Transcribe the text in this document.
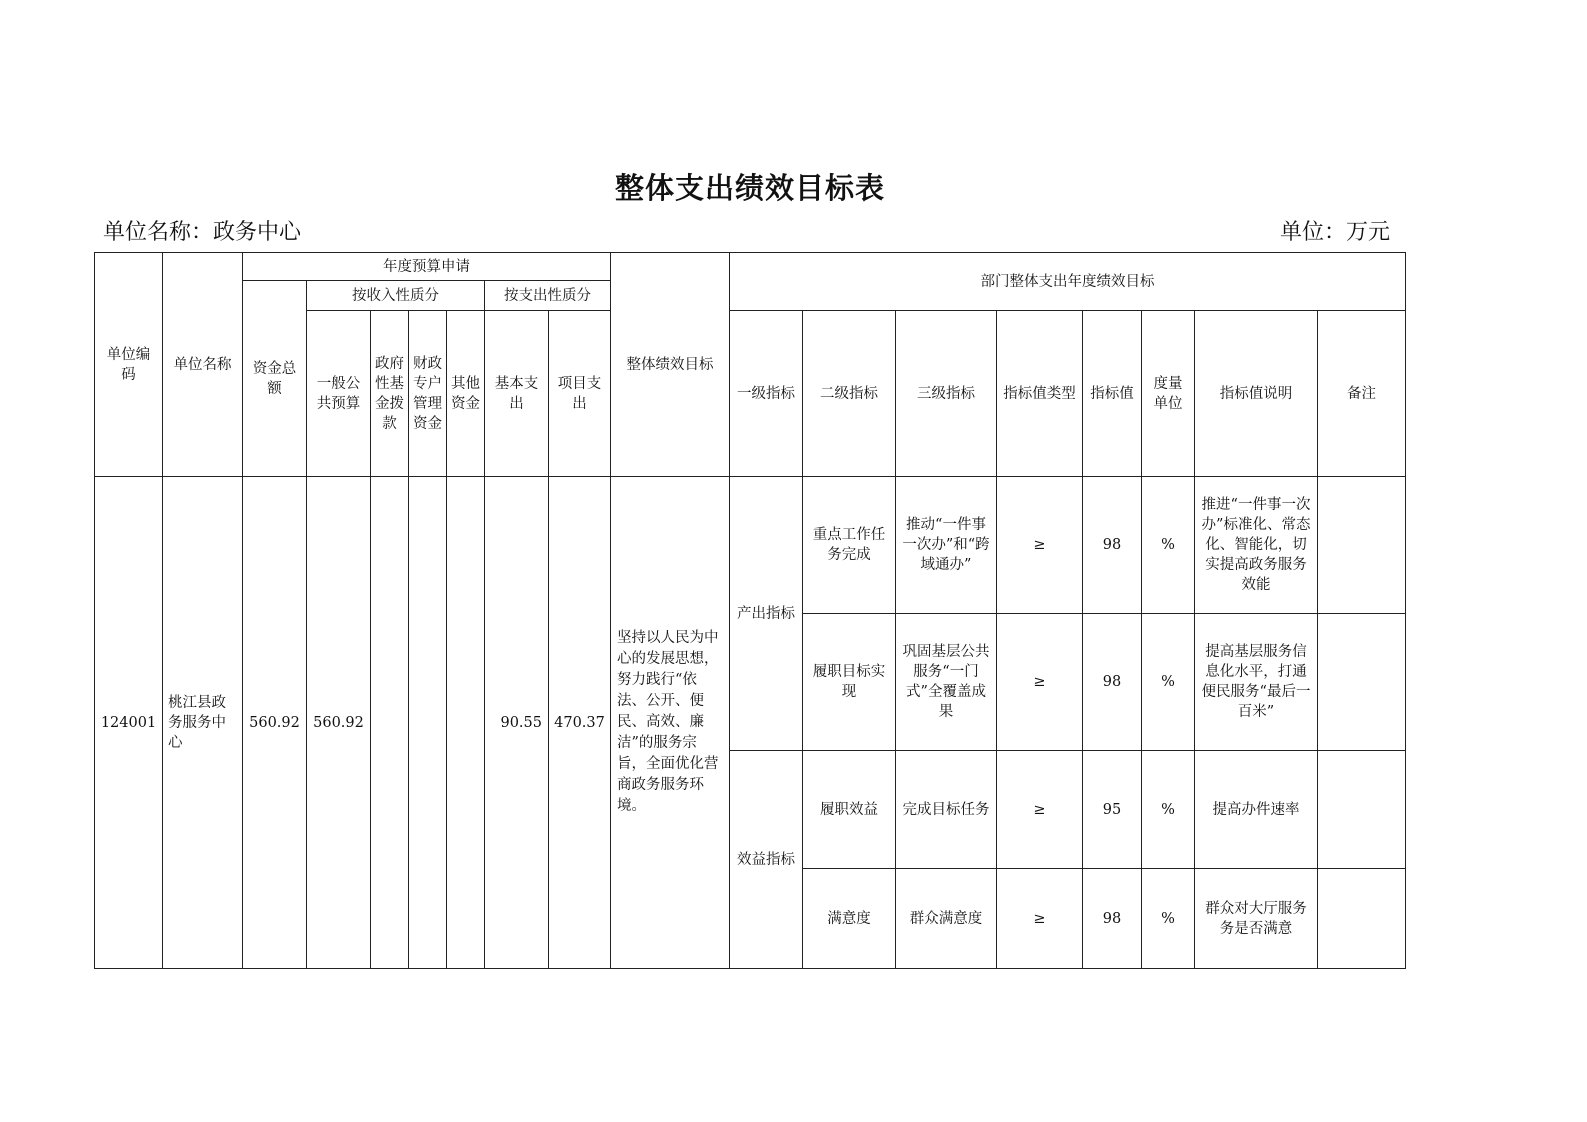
整体支出绩效目标表
单位名称：政务中心	单位：万元
单位编码	单位名称	年度预算申请							整体绩效目标	部门整体支出年度绩效目标							
		资金总额	按收入性质分				按支出性质分										
			一般公共预算	政府性基金拨款	财政专户管理资金	其他资金	基本支出	项目支出		一级指标	二级指标	三级指标	指标值类型	指标值	度量单位	指标值说明	备注
124001	桃江县政务服务中心	560.92	560.92				90.55	470.37	坚持以人民为中心的发展思想，努力践行“依法、公开、便民、高效、廉洁”的服务宗旨，全面优化营商政务服务环境。	产出指标	重点工作任务完成	推动“一件事一次办”和“跨域通办”	≥	98	%	推进“一件事一次办”标准化、常态化、智能化，切实提高政务服务效能	
											履职目标实现	巩固基层公共服务“一门式”全覆盖成果	≥	98	%	提高基层服务信息化水平，打通便民服务“最后一百米”	
										效益指标	履职效益	完成目标任务	≥	95	%	提高办件速率	
											满意度	群众满意度	≥	98	%	群众对大厅服务务是否满意	
